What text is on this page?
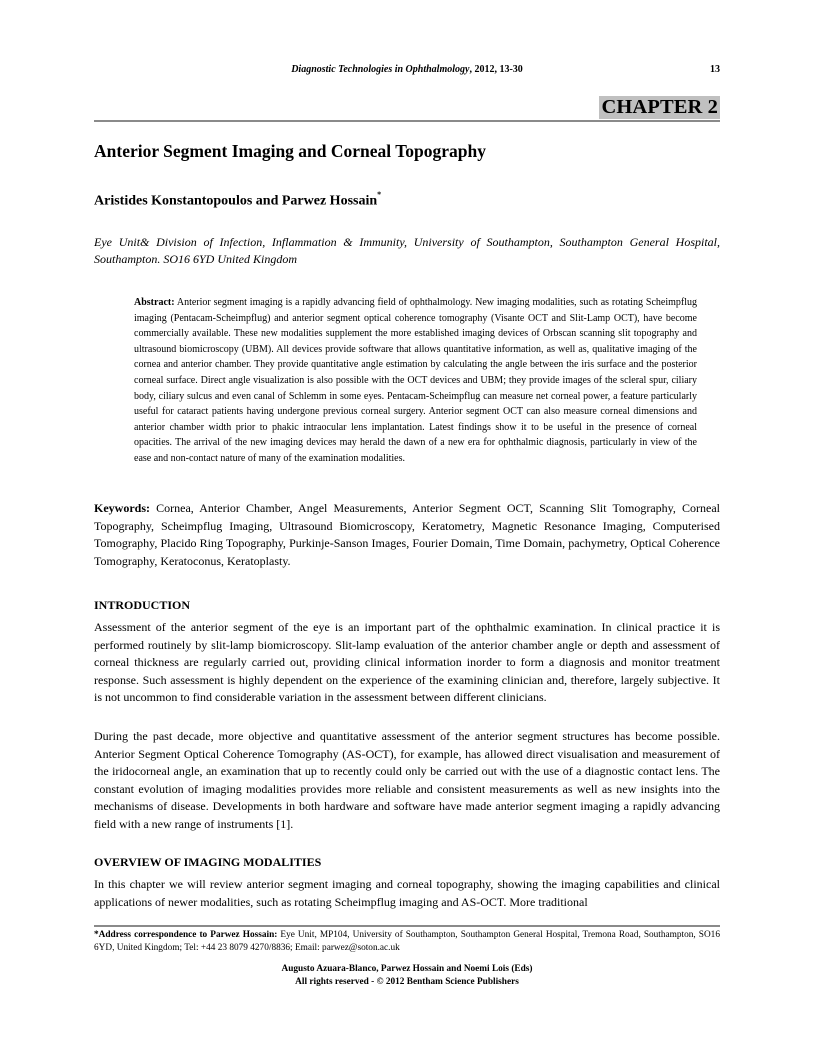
Diagnostic Technologies in Ophthalmology, 2012, 13-30	13
CHAPTER 2
Anterior Segment Imaging and Corneal Topography
Aristides Konstantopoulos and Parwez Hossain*
Eye Unit& Division of Infection, Inflammation & Immunity, University of Southampton, Southampton General Hospital, Southampton. SO16 6YD United Kingdom
Abstract: Anterior segment imaging is a rapidly advancing field of ophthalmology. New imaging modalities, such as rotating Scheimpflug imaging (Pentacam-Scheimpflug) and anterior segment optical coherence tomography (Visante OCT and Slit-Lamp OCT), have become commercially available. These new modalities supplement the more established imaging devices of Orbscan scanning slit topography and ultrasound biomicroscopy (UBM). All devices provide software that allows quantitative information, as well as, qualitative imaging of the cornea and anterior chamber. They provide quantitative angle estimation by calculating the angle between the iris surface and the posterior corneal surface. Direct angle visualization is also possible with the OCT devices and UBM; they provide images of the scleral spur, ciliary body, ciliary sulcus and even canal of Schlemm in some eyes. Pentacam-Scheimpflug can measure net corneal power, a feature particularly useful for cataract patients having undergone previous corneal surgery. Anterior segment OCT can also measure corneal dimensions and anterior chamber width prior to phakic intraocular lens implantation. Latest findings show it to be useful in the presence of corneal opacities. The arrival of the new imaging devices may herald the dawn of a new era for ophthalmic diagnosis, particularly in view of the ease and non-contact nature of many of the examination modalities.
Keywords: Cornea, Anterior Chamber, Angel Measurements, Anterior Segment OCT, Scanning Slit Tomography, Corneal Topography, Scheimpflug Imaging, Ultrasound Biomicroscopy, Keratometry, Magnetic Resonance Imaging, Computerised Tomography, Placido Ring Topography, Purkinje-Sanson Images, Fourier Domain, Time Domain, pachymetry, Optical Coherence Tomography, Keratoconus, Keratoplasty.
INTRODUCTION
Assessment of the anterior segment of the eye is an important part of the ophthalmic examination. In clinical practice it is performed routinely by slit-lamp biomicroscopy. Slit-lamp evaluation of the anterior chamber angle or depth and assessment of corneal thickness are regularly carried out, providing clinical information inorder to form a diagnosis and monitor treatment response. Such assessment is highly dependent on the experience of the examining clinician and, therefore, largely subjective. It is not uncommon to find considerable variation in the assessment between different clinicians.
During the past decade, more objective and quantitative assessment of the anterior segment structures has become possible. Anterior Segment Optical Coherence Tomography (AS-OCT), for example, has allowed direct visualisation and measurement of the iridocorneal angle, an examination that up to recently could only be carried out with the use of a diagnostic contact lens. The constant evolution of imaging modalities provides more reliable and consistent measurements as well as new insights into the mechanisms of disease. Developments in both hardware and software have made anterior segment imaging a rapidly advancing field with a new range of instruments [1].
OVERVIEW OF IMAGING MODALITIES
In this chapter we will review anterior segment imaging and corneal topography, showing the imaging capabilities and clinical applications of newer modalities, such as rotating Scheimpflug imaging and AS-OCT. More traditional
*Address correspondence to Parwez Hossain: Eye Unit, MP104, University of Southampton, Southampton General Hospital, Tremona Road, Southampton, SO16 6YD, United Kingdom; Tel: +44 23 8079 4270/8836; Email: parwez@soton.ac.uk
Augusto Azuara-Blanco, Parwez Hossain and Noemi Lois (Eds)
All rights reserved - © 2012 Bentham Science Publishers
